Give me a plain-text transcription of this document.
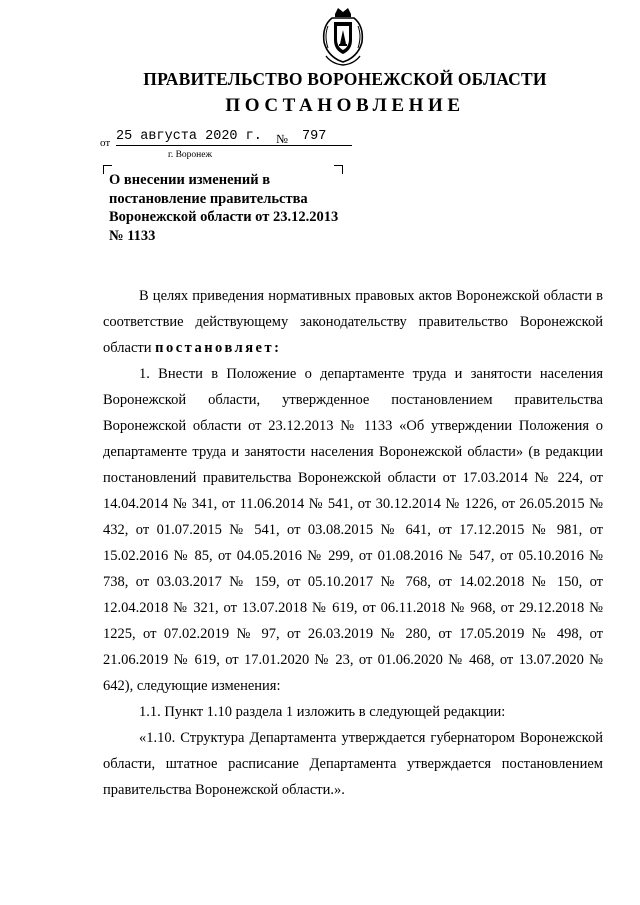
ПРАВИТЕЛЬСТВО ВОРОНЕЖСКОЙ ОБЛАСТИ
ПОСТАНОВЛЕНИЕ
от 25 августа 2020 г. № 797
г. Воронеж
О внесении изменений в постановление правительства Воронежской области от 23.12.2013 № 1133

В целях приведения нормативных правовых актов Воронежской области в соответствие действующему законодательству правительство Воронежской области постановляет:

1. Внести в Положение о департаменте труда и занятости населения Воронежской области, утвержденное постановлением правительства Воронежской области от 23.12.2013 № 1133 «Об утверждении Положения о департаменте труда и занятости населения Воронежской области» (в редакции постановлений правительства Воронежской области от 17.03.2014 № 224, от 14.04.2014 № 341, от 11.06.2014 № 541, от 30.12.2014 № 1226, от 26.05.2015 № 432, от 01.07.2015 № 541, от 03.08.2015 № 641, от 17.12.2015 № 981, от 15.02.2016 № 85, от 04.05.2016 № 299, от 01.08.2016 № 547, от 05.10.2016 № 738, от 03.03.2017 № 159, от 05.10.2017 № 768, от 14.02.2018 № 150, от 12.04.2018 № 321, от 13.07.2018 № 619, от 06.11.2018 № 968, от 29.12.2018 № 1225, от 07.02.2019 № 97, от 26.03.2019 № 280, от 17.05.2019 № 498, от 21.06.2019 № 619, от 17.01.2020 № 23, от 01.06.2020 № 468, от 13.07.2020 № 642), следующие изменения:

1.1. Пункт 1.10 раздела 1 изложить в следующей редакции:

«1.10. Структура Департамента утверждается губернатором Воронежской области, штатное расписание Департамента утверждается постановлением правительства Воронежской области.».
